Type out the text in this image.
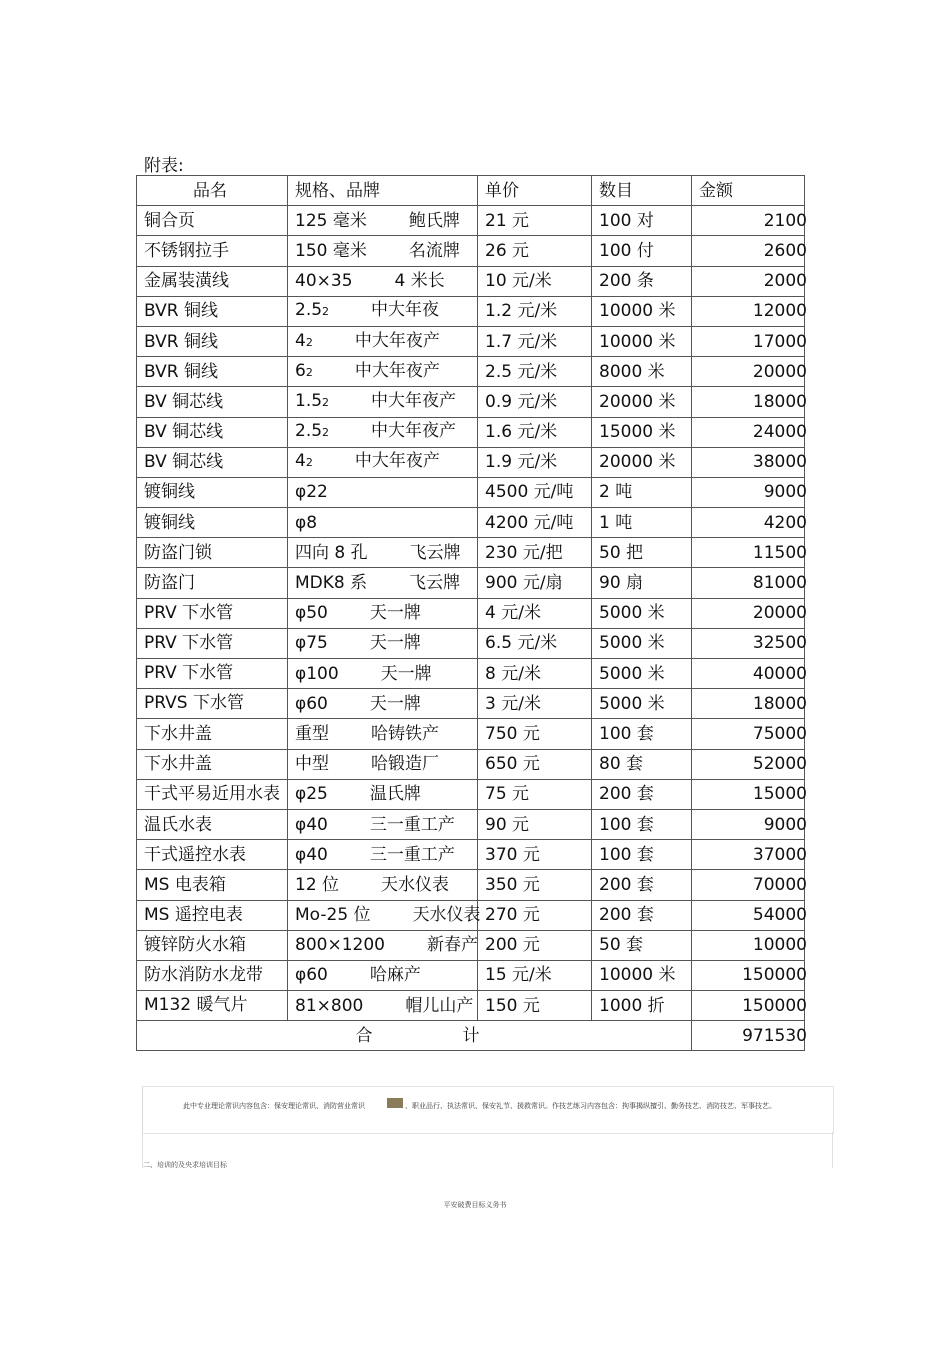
附表:
品名	规格、品牌	单价	数目	金额
铜合页	125 毫米 鲍氏牌	21 元	100 对	2100
不锈钢拉手	150 毫米 名流牌	26 元	100 付	2600
金属装潢线	40×35 4 米长	10 元/米	200 条	2000
BVR 铜线	2.52 中大年夜	1.2 元/米	10000 米	12000
BVR 铜线	42 中大年夜产	1.7 元/米	10000 米	17000
BVR 铜线	62 中大年夜产	2.5 元/米	8000 米	20000
BV 铜芯线	1.52 中大年夜产	0.9 元/米	20000 米	18000
BV 铜芯线	2.52 中大年夜产	1.6 元/米	15000 米	24000
BV 铜芯线	42 中大年夜产	1.9 元/米	20000 米	38000
镀铜线	φ22	4500 元/吨	2 吨	9000
镀铜线	φ8	4200 元/吨	1 吨	4200
防盗门锁	四向 8 孔 飞云牌	230 元/把	50 把	11500
防盗门	MDK8 系 飞云牌	900 元/扇	90 扇	81000
PRV 下水管	φ50 天一牌	4 元/米	5000 米	20000
PRV 下水管	φ75 天一牌	6.5 元/米	5000 米	32500
PRV 下水管	φ100 天一牌	8 元/米	5000 米	40000
PRVS 下水管	φ60 天一牌	3 元/米	5000 米	18000
下水井盖	重型 哈铸铁产	750 元	100 套	75000
下水井盖	中型 哈锻造厂	650 元	80 套	52000
干式平易近用水表	φ25 温氏牌	75 元	200 套	15000
温氏水表	φ40 三一重工产	90 元	100 套	9000
干式遥控水表	φ40 三一重工产	370 元	100 套	37000
MS 电表箱	12 位 天水仪表	350 元	200 套	70000
MS 遥控电表	Mo-25 位 天水仪表	270 元	200 套	54000
镀锌防火水箱	800×1200 新春产	200 元	50 套	10000
防水消防水龙带	φ60 哈麻产	15 元/米	10000 米	150000
M132 暖气片	81×800 帽儿山产	150 元	1000 折	150000
合 计				971530
此中专业理论常识内容包含：保安理论常识、消防营业常识	、职业品行、执法常识、保安礼节、援救常识。作技艺练习内容包含：拘事揭纵擅引、勤务技艺、消防技艺、军事技艺。
二、培训的及央求培训目标
平安破费目标义务书
